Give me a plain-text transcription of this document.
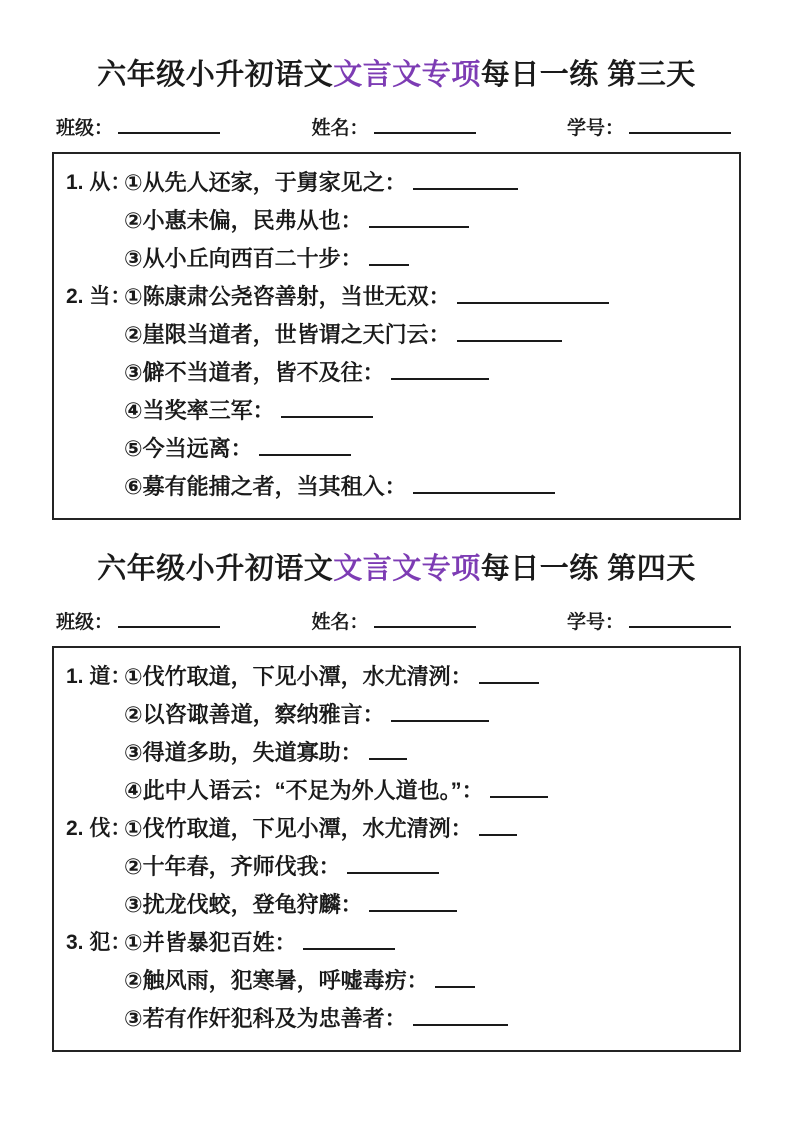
六年级小升初语文文言文专项每日一练 第三天
班级：	姓名：	学号：
1. 从：
①从先人还家，于舅家见之：
②小惠未偏，民弗从也：
③从小丘向西百二十步：
2. 当：
①陈康肃公尧咨善射，当世无双：
②崖限当道者，世皆谓之天门云：
③僻不当道者，皆不及往：
④当奖率三军：
⑤今当远离：
⑥募有能捕之者，当其租入：
六年级小升初语文文言文专项每日一练 第四天
班级：	姓名：	学号：
1. 道：
①伐竹取道，下见小潭，水尤清洌：
②以咨诹善道，察纳雅言：
③得道多助，失道寡助：
④此中人语云：“不足为外人道也。”：
2. 伐：
①伐竹取道，下见小潭，水尤清洌：
②十年春，齐师伐我：
③扰龙伐蛟，登龟狩麟：
3. 犯：
①并皆暴犯百姓：
②触风雨，犯寒暑，呼嘘毒疠：
③若有作奸犯科及为忠善者：
